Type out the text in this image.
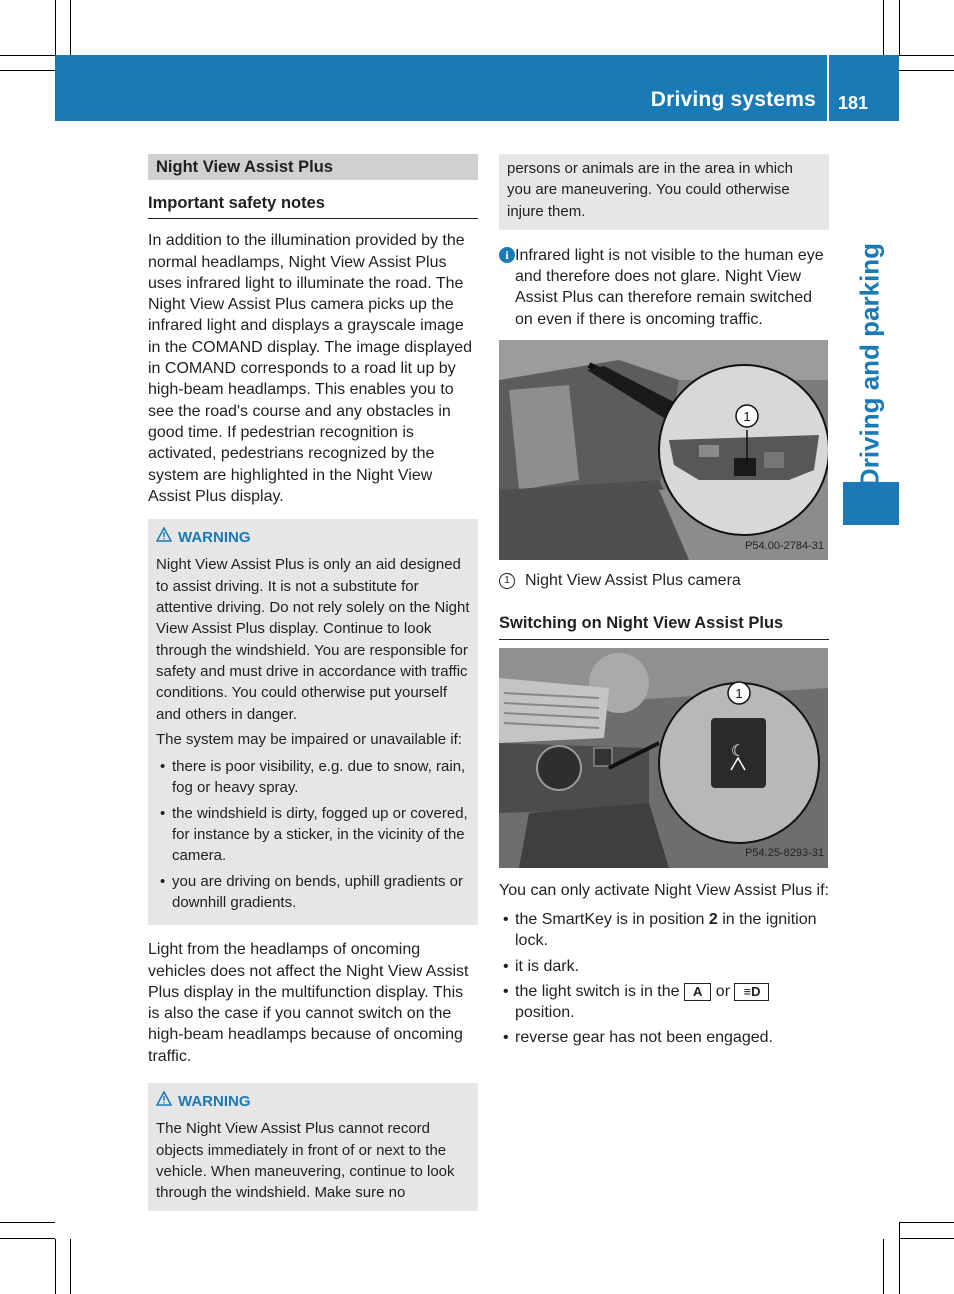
Driving systems 181
Driving and parking
Night View Assist Plus
Important safety notes

In addition to the illumination provided by the normal headlamps, Night View Assist Plus uses infrared light to illuminate the road. The Night View Assist Plus camera picks up the infrared light and displays a grayscale image in the COMAND display. The image displayed in COMAND corresponds to a road lit up by high-beam headlamps. This enables you to see the road's course and any obstacles in good time. If pedestrian recognition is activated, pedestrians recognized by the system are highlighted in the Night View Assist Plus display.

WARNING

Night View Assist Plus is only an aid designed to assist driving. It is not a substitute for attentive driving. Do not rely solely on the Night View Assist Plus display. Continue to look through the windshield. You are responsible for safety and must drive in accordance with traffic conditions. You could otherwise put yourself and others in danger.

The system may be impaired or unavailable if:

• there is poor visibility, e.g. due to snow, rain, fog or heavy spray.
• the windshield is dirty, fogged up or covered, for instance by a sticker, in the vicinity of the camera.
• you are driving on bends, uphill gradients or downhill gradients.

Light from the headlamps of oncoming vehicles does not affect the Night View Assist Plus display in the multifunction display. This is also the case if you cannot switch on the high-beam headlamps because of oncoming traffic.

WARNING

The Night View Assist Plus cannot record objects immediately in front of or next to the vehicle. When maneuvering, continue to look through the windshield. Make sure no

persons or animals are in the area in which you are maneuvering. You could otherwise injure them.

i Infrared light is not visible to the human eye and therefore does not glare. Night View Assist Plus can therefore remain switched on even if there is oncoming traffic.

1
P54.00-2784-31
1 Night View Assist Plus camera
Switching on Night View Assist Plus
☾
1
P54.25-8293-31

You can only activate Night View Assist Plus if:

• the SmartKey is in position 2 in the ignition lock.
• it is dark.
• the light switch is in the A or ≡D position.
• reverse gear has not been engaged.
